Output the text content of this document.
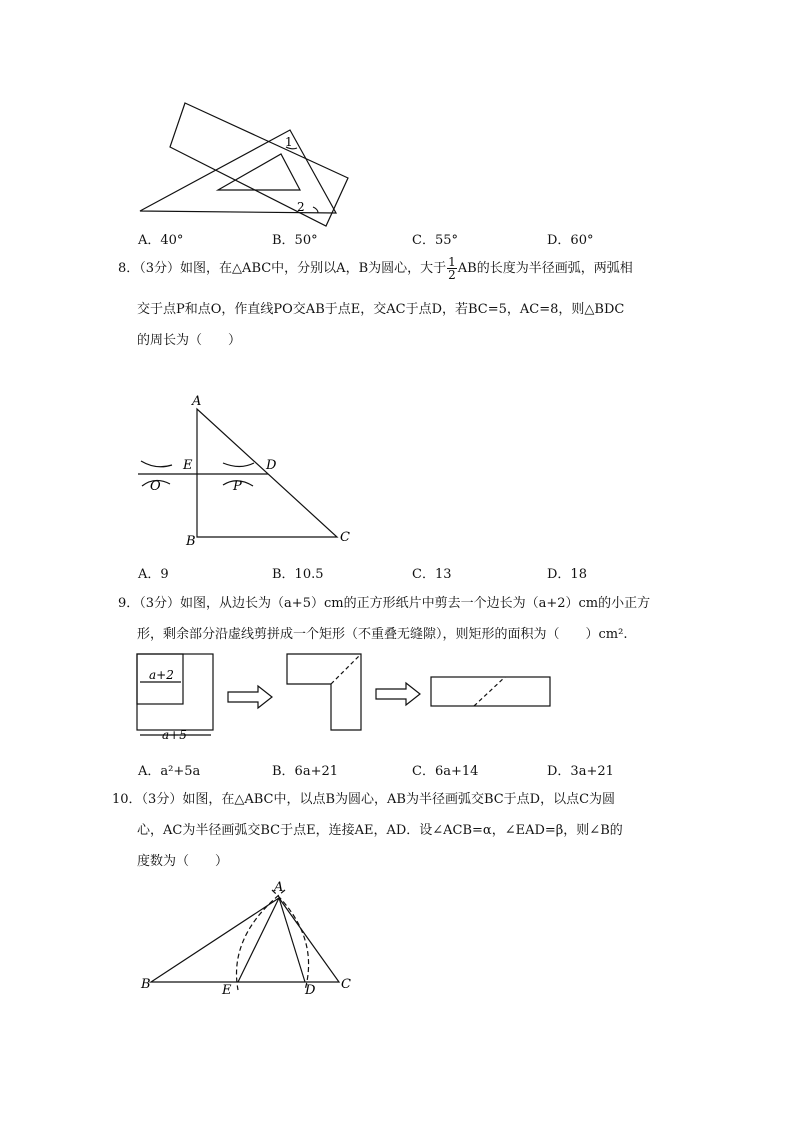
1
2
A．40°	B．50°	C．55°	D．60°
8．（3分）如图，在△ABC中，分别以A，B为圆心，大于 $\frac{1}{2}$ AB的长度为半径画弧，两弧相
交于点P和点O，作直线PO交AB于点E，交AC于点D，若BC=5，AC=8，则△BDC
的周长为（　　）
A
B	C
D
E
O	P
A．9	B．10.5	C．13	D．18
9．（3分）如图，从边长为（a+5）cm的正方形纸片中剪去一个边长为（a+2）cm的小正方
形，剩余部分沿虚线剪拼成一个矩形（不重叠无缝隙），则矩形的面积为（　　）cm².
a+2
a+5
A．a²+5a	B．6a+21	C．6a+14	D．3a+21
10．（3分）如图，在△ABC中，以点B为圆心，AB为半径画弧交BC于点D，以点C为圆
心，AC为半径画弧交BC于点E，连接AE，AD．设∠ACB=α，∠EAD=β，则∠B的
度数为（　　）
A
B	C
D
E
